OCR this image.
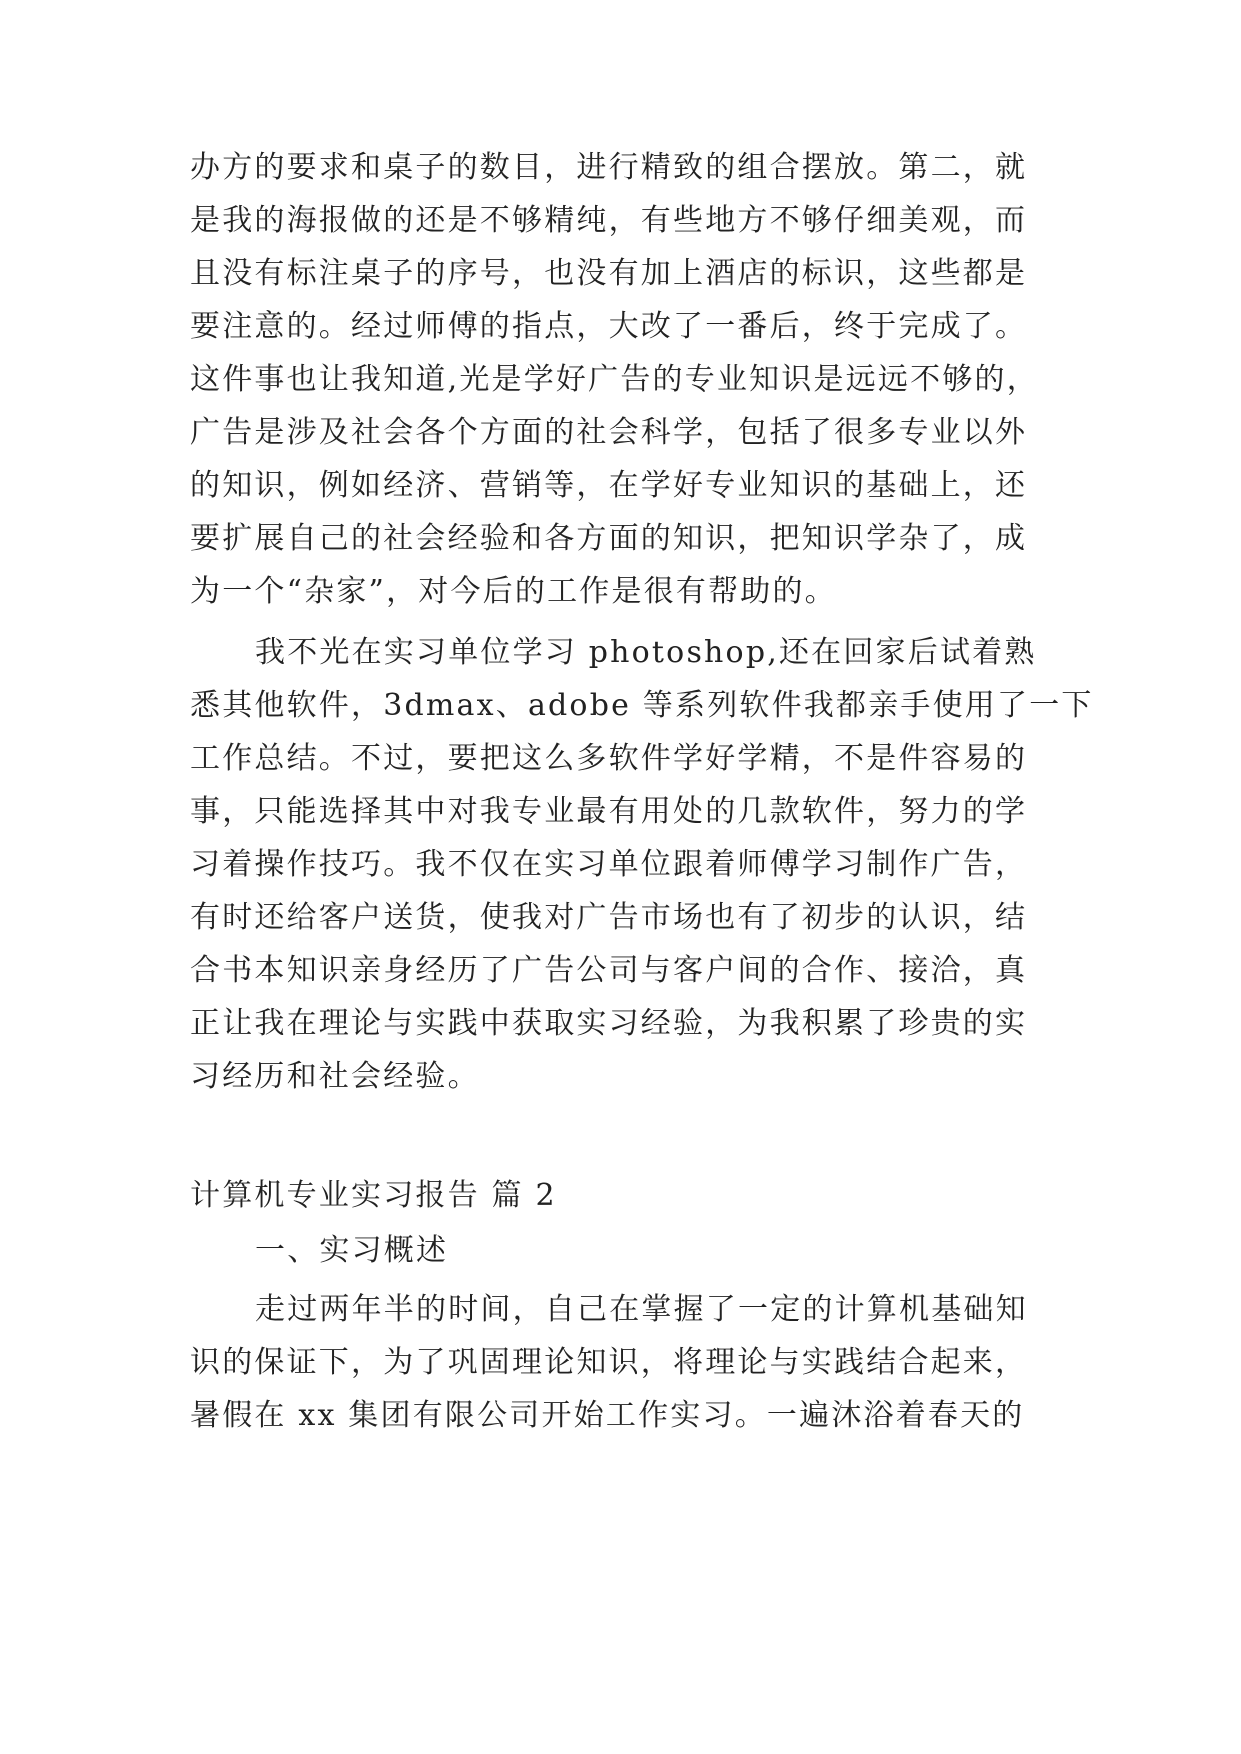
办方的要求和桌子的数目，进行精致的组合摆放。第二，就
是我的海报做的还是不够精纯，有些地方不够仔细美观，而
且没有标注桌子的序号，也没有加上酒店的标识，这些都是
要注意的。经过师傅的指点，大改了一番后，终于完成了。
这件事也让我知道,光是学好广告的专业知识是远远不够的，
广告是涉及社会各个方面的社会科学，包括了很多专业以外
的知识，例如经济、营销等，在学好专业知识的基础上，还
要扩展自己的社会经验和各方面的知识，把知识学杂了，成
为一个“杂家”，对今后的工作是很有帮助的。
我不光在实习单位学习 photoshop,还在回家后试着熟
悉其他软件，3dmax、adobe 等系列软件我都亲手使用了一下
工作总结。不过，要把这么多软件学好学精，不是件容易的
事，只能选择其中对我专业最有用处的几款软件，努力的学
习着操作技巧。我不仅在实习单位跟着师傅学习制作广告，
有时还给客户送货，使我对广告市场也有了初步的认识，结
合书本知识亲身经历了广告公司与客户间的合作、接洽，真
正让我在理论与实践中获取实习经验，为我积累了珍贵的实
习经历和社会经验。
计算机专业实习报告 篇 2
一、实习概述
走过两年半的时间，自己在掌握了一定的计算机基础知
识的保证下，为了巩固理论知识，将理论与实践结合起来，
暑假在 xx 集团有限公司开始工作实习。一遍沐浴着春天的
